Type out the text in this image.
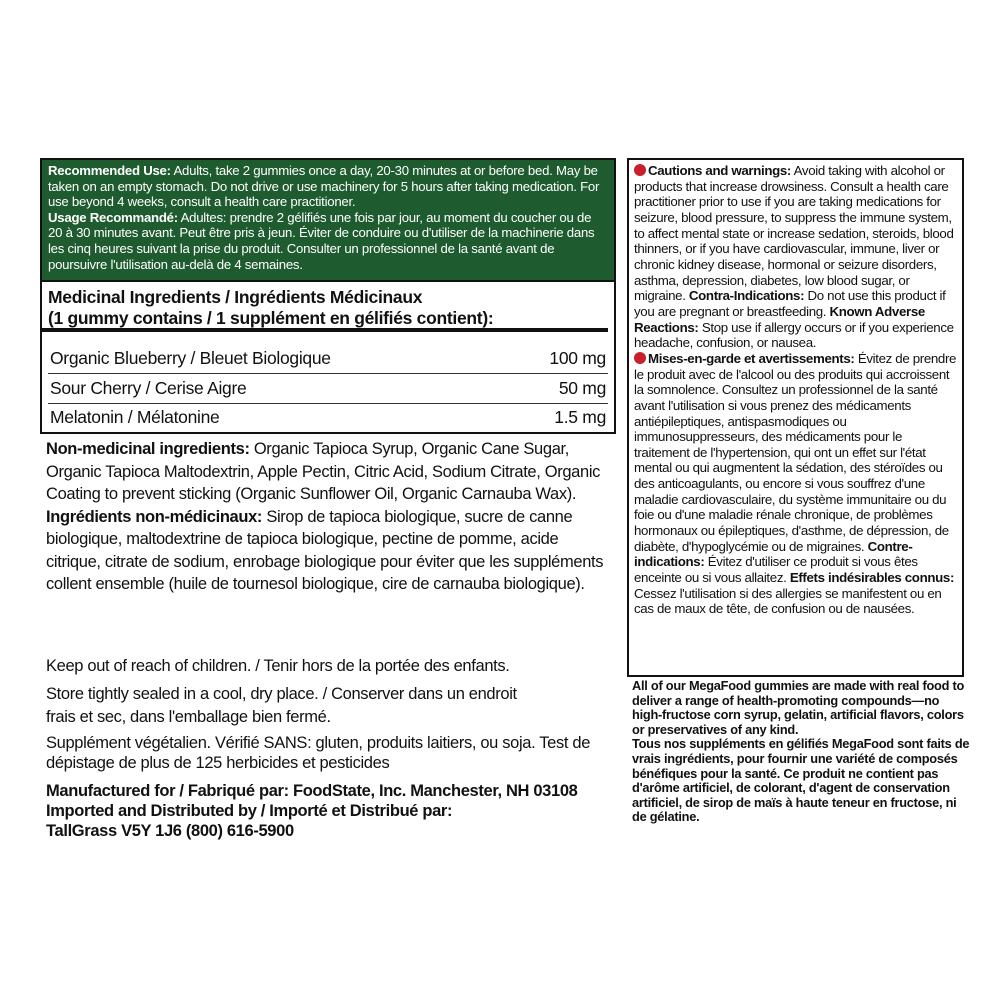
Recommended Use: Adults, take 2 gummies once a day, 20-30 minutes at or before bed. May be taken on an empty stomach. Do not drive or use machinery for 5 hours after taking medication. For use beyond 4 weeks, consult a health care practitioner.
Usage Recommandé: Adultes: prendre 2 gélifiés une fois par jour, au moment du coucher ou de 20 à 30 minutes avant. Peut être pris à jeun. Éviter de conduire ou d'utiliser de la machinerie dans les cinq heures suivant la prise du produit. Consulter un professionnel de la santé avant de poursuivre l'utilisation au-delà de 4 semaines.
Medicinal Ingredients / Ingrédients Médicinaux
(1 gummy contains / 1 supplément en gélifiés contient):
Organic Blueberry / Bleuet Biologique	100 mg
Sour Cherry / Cerise Aigre	50 mg
Melatonin / Mélatonine	1.5 mg
Non-medicinal ingredients: Organic Tapioca Syrup, Organic Cane Sugar, Organic Tapioca Maltodextrin, Apple Pectin, Citric Acid, Sodium Citrate, Organic Coating to prevent sticking (Organic Sunflower Oil, Organic Carnauba Wax).
Ingrédients non-médicinaux: Sirop de tapioca biologique, sucre de canne biologique, maltodextrine de tapioca biologique, pectine de pomme, acide citrique, citrate de sodium, enrobage biologique pour éviter que les suppléments collent ensemble (huile de tournesol biologique, cire de carnauba biologique).
Keep out of reach of children. / Tenir hors de la portée des enfants.
Store tightly sealed in a cool, dry place. / Conserver dans un endroit frais et sec, dans l'emballage bien fermé.
Supplément végétalien. Vérifié SANS: gluten, produits laitiers, ou soja. Test de dépistage de plus de 125 herbicides et pesticides
Manufactured for / Fabriqué par: FoodState, Inc. Manchester, NH 03108
Imported and Distributed by / Importé et Distribué par:
TallGrass V5Y 1J6 (800) 616-5900
Cautions and warnings: Avoid taking with alcohol or products that increase drowsiness. Consult a health care practitioner prior to use if you are taking medications for seizure, blood pressure, to suppress the immune system, to affect mental state or increase sedation, steroids, blood thinners, or if you have cardiovascular, immune, liver or chronic kidney disease, hormonal or seizure disorders, asthma, depression, diabetes, low blood sugar, or migraine. Contra-Indications: Do not use this product if you are pregnant or breastfeeding. Known Adverse Reactions: Stop use if allergy occurs or if you experience headache, confusion, or nausea.
Mises-en-garde et avertissements: Évitez de prendre le produit avec de l'alcool ou des produits qui accroissent la somnolence. Consultez un professionnel de la santé avant l'utilisation si vous prenez des médicaments antiépileptiques, antispasmodiques ou immunosuppresseurs, des médicaments pour le traitement de l'hypertension, qui ont un effet sur l'état mental ou qui augmentent la sédation, des stéroïdes ou des anticoagulants, ou encore si vous souffrez d'une maladie cardiovasculaire, du système immunitaire ou du foie ou d'une maladie rénale chronique, de problèmes hormonaux ou épileptiques, d'asthme, de dépression, de diabète, d'hypoglycémie ou de migraines. Contre-indications: Évitez d'utiliser ce produit si vous êtes enceinte ou si vous allaitez. Effets indésirables connus: Cessez l'utilisation si des allergies se manifestent ou en cas de maux de tête, de confusion ou de nausées.

All of our MegaFood gummies are made with real food to deliver a range of health-promoting compounds—no high-fructose corn syrup, gelatin, artificial flavors, colors or preservatives of any kind.

Tous nos suppléments en gélifiés MegaFood sont faits de vrais ingrédients, pour fournir une variété de composés bénéfiques pour la santé. Ce produit ne contient pas d'arôme artificiel, de colorant, d'agent de conservation artificiel, de sirop de maïs à haute teneur en fructose, ni de gélatine.
